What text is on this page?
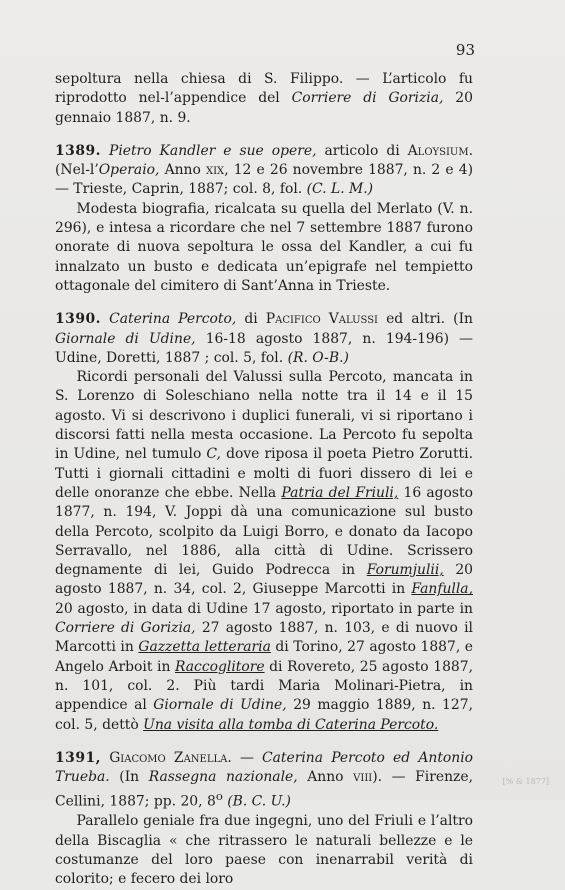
93

sepoltura nella chiesa di S. Filippo. — L’articolo fu riprodotto nel-l’appendice del Corriere di Gorizia, 20 gennaio 1887, n. 9.

1389. Pietro Kandler e sue opere, articolo di Aloysium. (Nel-l’Operaio, Anno xix, 12 e 26 novembre 1887, n. 2 e 4) — Trieste, Caprin, 1887; col. 8, fol. (C. L. M.)

Modesta biografia, ricalcata su quella del Merlato (V. n. 296), e intesa a ricordare che nel 7 settembre 1887 furono onorate di nuova sepoltura le ossa del Kandler, a cui fu innalzato un busto e dedicata un’epigrafe nel tempietto ottagonale del cimitero di Sant’Anna in Trieste.

1390. Caterina Percoto, di Pacifico Valussi ed altri. (In Giornale di Udine, 16-18 agosto 1887, n. 194-196) — Udine, Doretti, 1887 ; col. 5, fol. (R. O-B.)

Ricordi personali del Valussi sulla Percoto, mancata in S. Lorenzo di Soleschiano nella notte tra il 14 e il 15 agosto. Vi si descrivono i duplici funerali, vi si riportano i discorsi fatti nella mesta occasione. La Percoto fu sepolta in Udine, nel tumulo C, dove riposa il poeta Pietro Zorutti. Tutti i giornali cittadini e molti di fuori dissero di lei e delle onoranze che ebbe. Nella Patria del Friuli, 16 agosto 1877, n. 194, V. Joppi dà una comunicazione sul busto della Percoto, scolpito da Luigi Borro, e donato da Iacopo Serravallo, nel 1886, alla città di Udine. Scrissero degnamente di lei, Guido Podrecca in Forumjulii, 20 agosto 1887, n. 34, col. 2, Giuseppe Marcotti in Fanfulla, 20 agosto, in data di Udine 17 agosto, riportato in parte in Corriere di Gorizia, 27 agosto 1887, n. 103, e di nuovo il Marcotti in Gazzetta letteraria di Torino, 27 agosto 1887, e Angelo Arboit in Raccoglitore di Rovereto, 25 agosto 1887, n. 101, col. 2. Più tardi Maria Molinari-Pietra, in appendice al Giornale di Udine, 29 maggio 1889, n. 127, col. 5, dettò Una visita alla tomba di Caterina Percoto.

1391, Giacomo Zanella. — Caterina Percoto ed Antonio Trueba. (In Rassegna nazionale, Anno viii). — Firenze, Cellini, 1887; pp. 20, 8$^o$ (B. C. U.)

Parallelo geniale fra due ingegni, uno del Friuli e l’altro della Biscaglia « che ritrassero le naturali bellezze e le costumanze del loro paese con inenarrabil verità di colorito; e fecero dei loro

[% & 1877]
